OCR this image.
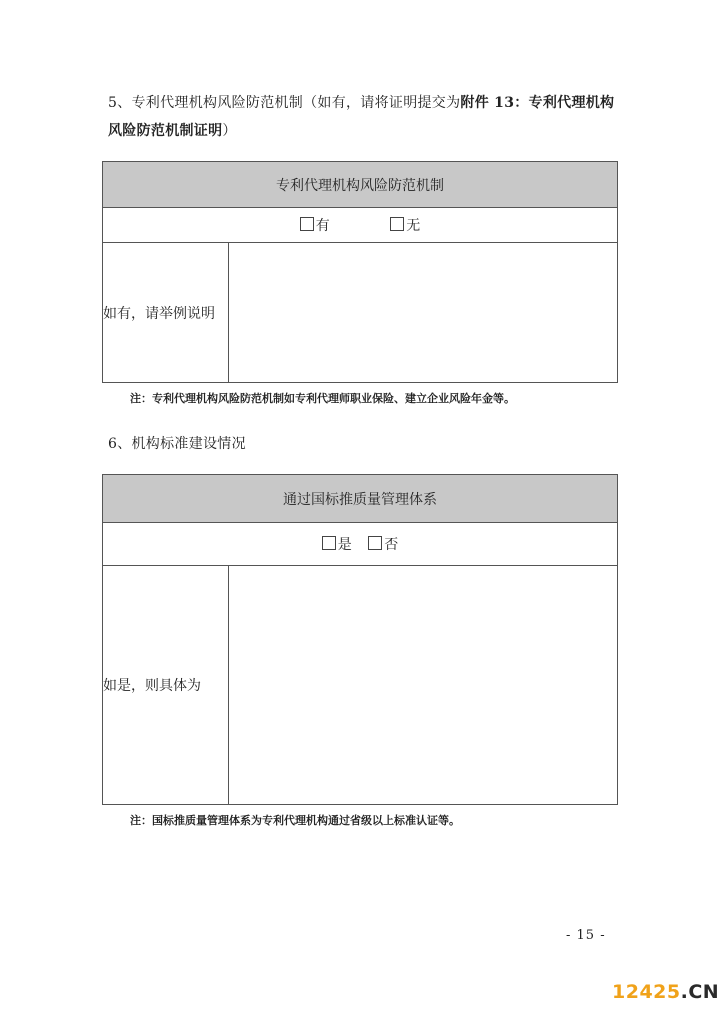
5、专利代理机构风险防范机制（如有，请将证明提交为附件 13：专利代理机构
风险防范机制证明）
专利代理机构风险防范机制
有	无
如有，请举例说明	
注：专利代理机构风险防范机制如专利代理师职业保险、建立企业风险年金等。
6、机构标准建设情况
通过国标推质量管理体系
是 否
如是，则具体为	
注：国标推质量管理体系为专利代理机构通过省级以上标准认证等。
- 15 -
12425.CN
